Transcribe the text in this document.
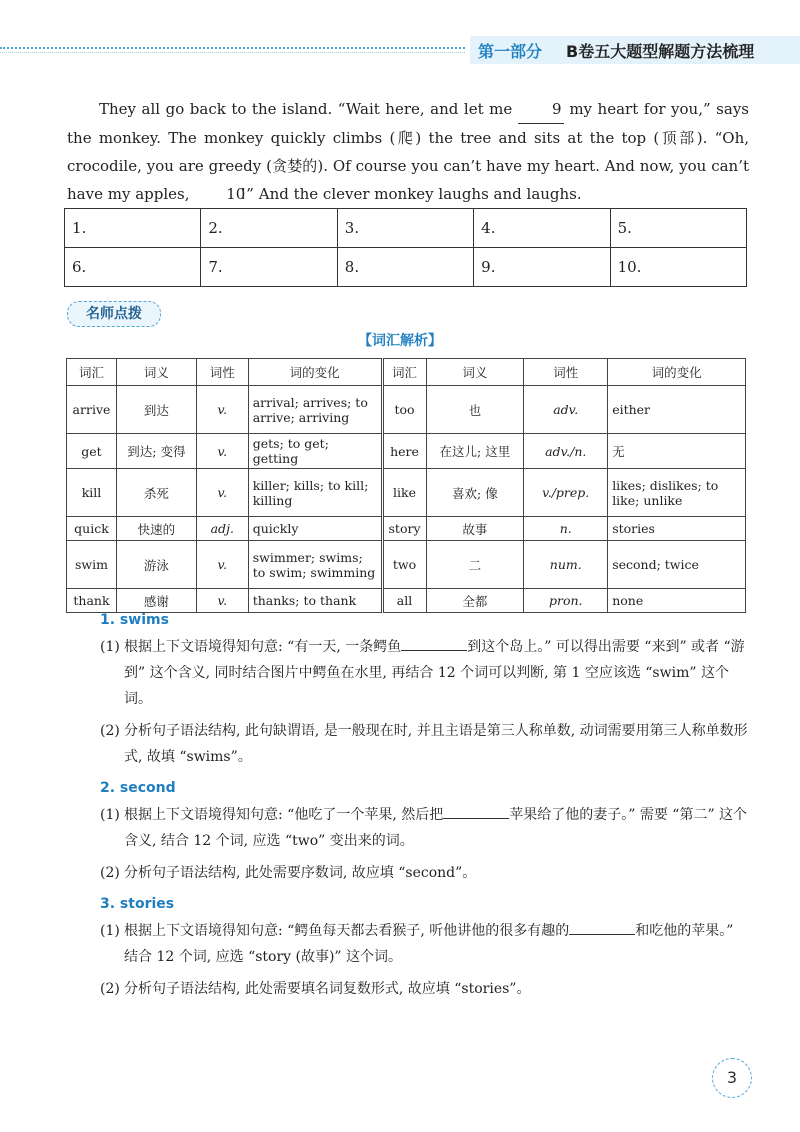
第一部分 B卷五大题型解题方法梳理

They all go back to the island. “Wait here, and let me	9 my heart for you,” says the monkey. The monkey quickly climbs (爬) the tree and sits at the top (顶部). “Oh, crocodile, you are greedy (贪婪的). Of course you can’t have my heart. And now, you can’t have my apples, 10!” And the clever monkey laughs and laughs.

1.	2.	3.	4.	5.
6.	7.	8.	9.	10.
名师点拨
【词汇解析】
词汇	词义	词性	词的变化	词汇	词义	词性	词的变化
arrive	到达	v.	arrival; arrives; to arrive; arriving	too	也	adv.	either
get	到达; 变得	v.	gets; to get; getting	here	在这儿; 这里	adv./n.	无
kill	杀死	v.	killer; kills; to kill; killing	like	喜欢; 像	v./prep.	likes; dislikes; to like; unlike
quick	快速的	adj.	quickly	story	故事	n.	stories
swim	游泳	v.	swimmer; swims; to swim; swimming	two	二	num.	second; twice
thank	感谢	v.	thanks; to thank	all	全都	pron.	none

1. swims

(1) 根据上下文语境得知句意: “有一天, 一条鳄鱼	到这个岛上。” 可以得出需要 “来到” 或者 “游到” 这个含义, 同时结合图片中鳄鱼在水里, 再结合 12 个词可以判断, 第 1 空应该选 “swim” 这个词。

(2) 分析句子语法结构, 此句缺谓语, 是一般现在时, 并且主语是第三人称单数, 动词需要用第三人称单数形式, 故填 “swims”。

2. second

(1) 根据上下文语境得知句意: “他吃了一个苹果, 然后把	苹果给了他的妻子。” 需要 “第二” 这个含义, 结合 12 个词, 应选 “two” 变出来的词。

(2) 分析句子语法结构, 此处需要序数词, 故应填 “second”。

3. stories

(1) 根据上下文语境得知句意: “鳄鱼每天都去看猴子, 听他讲他的很多有趣的	和吃他的苹果。” 结合 12 个词, 应选 “story (故事)” 这个词。

(2) 分析句子语法结构, 此处需要填名词复数形式, 故应填 “stories”。

3
